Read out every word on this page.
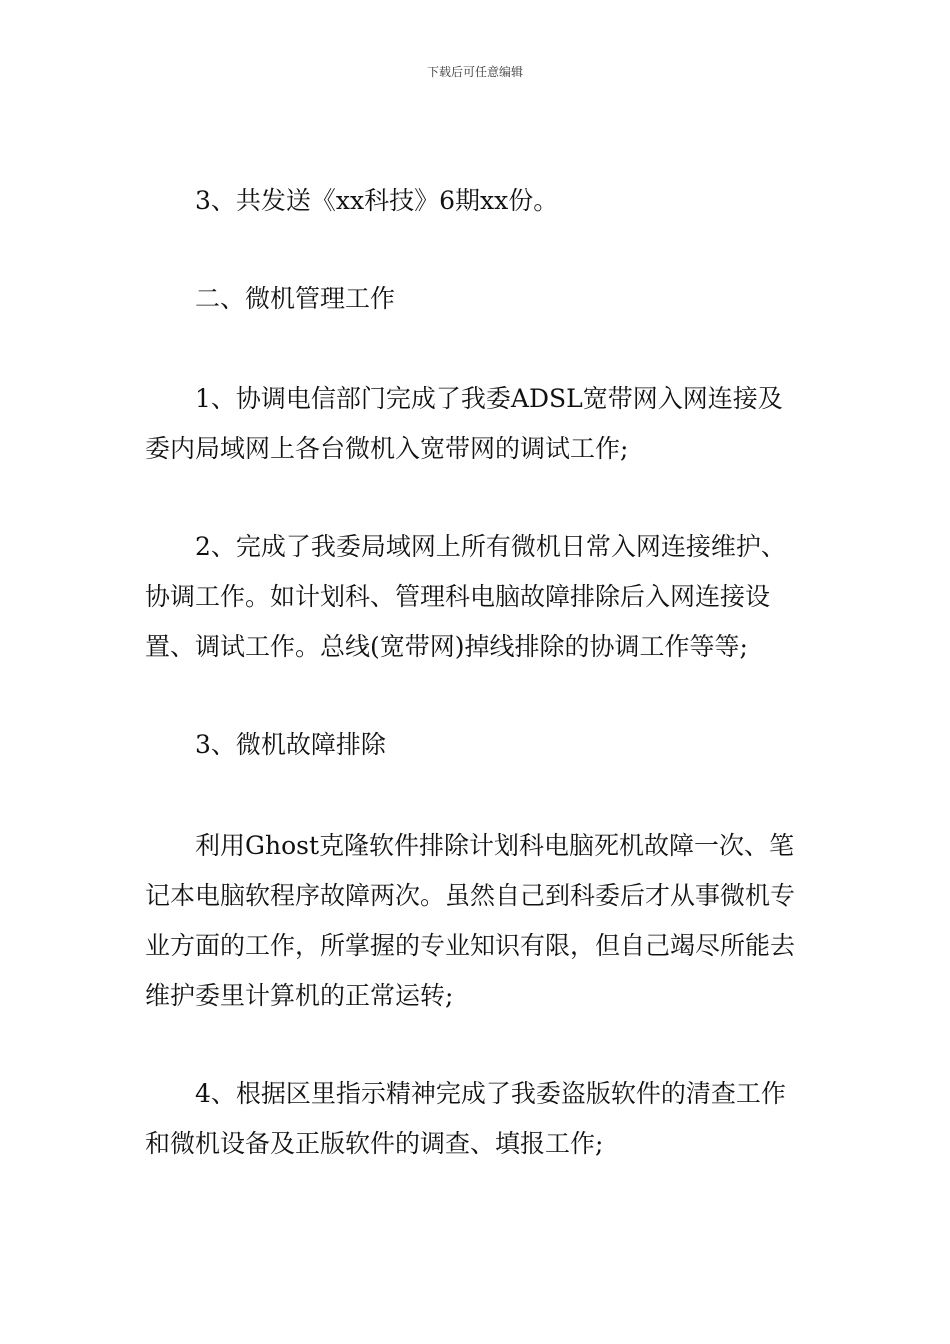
下载后可任意编辑

3、共发送《xx科技》6期xx份。

二、微机管理工作

1、协调电信部门完成了我委ADSL宽带网入网连接及委内局域网上各台微机入宽带网的调试工作;

2、完成了我委局域网上所有微机日常入网连接维护、协调工作。如计划科、管理科电脑故障排除后入网连接设置、调试工作。总线(宽带网)掉线排除的协调工作等等;

3、微机故障排除

利用Ghost克隆软件排除计划科电脑死机故障一次、笔记本电脑软程序故障两次。虽然自己到科委后才从事微机专业方面的工作，所掌握的专业知识有限，但自己竭尽所能去维护委里计算机的正常运转;

4、根据区里指示精神完成了我委盗版软件的清查工作和微机设备及正版软件的调查、填报工作;
